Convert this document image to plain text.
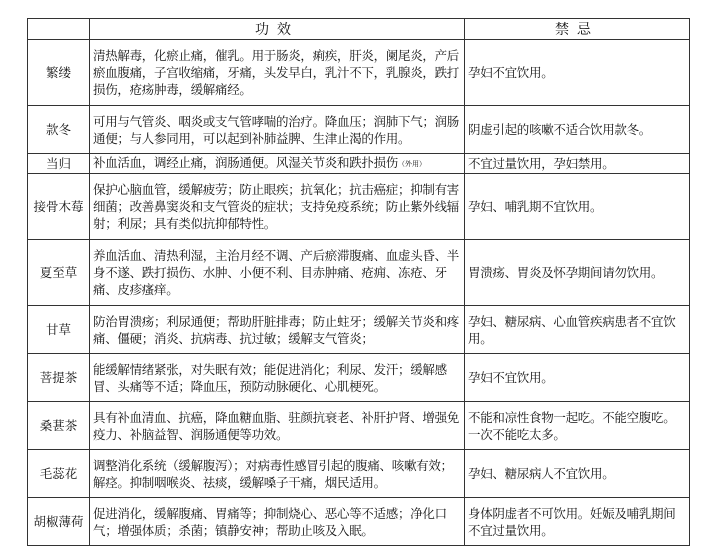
	功效	禁忌
繁缕	清热解毒，化瘀止痛，催乳。用于肠炎，痢疾，肝炎，阑尾炎，产后瘀血腹痛，子宫收缩痛，牙痛，头发早白，乳汁不下，乳腺炎，跌打损伤，疮疡肿毒，缓解痛经。	孕妇不宜饮用。
款冬	可用与气管炎、咽炎或支气管哮喘的治疗。降血压；润肺下气；润肠通便；与人参同用，可以起到补肺益脾、生津止渴的作用。	阴虚引起的咳嗽不适合饮用款冬。
当归	补血活血，调经止痛，润肠通便。风湿关节炎和跌扑损伤（外用）	不宜过量饮用，孕妇禁用。
接骨木莓	保护心脑血管，缓解疲劳；防止眼疾；抗氧化；抗击癌症；抑制有害细菌；改善鼻窦炎和支气管炎的症状；支持免疫系统；防止紫外线辐射；利尿；具有类似抗抑郁特性。	孕妇、哺乳期不宜饮用。
夏至草	养血活血、清热利湿，主治月经不调、产后瘀滞腹痛、血虚头昏、半身不遂、跌打损伤、水肿、小便不利、目赤肿痛、疮痈、冻疮、牙痛、皮疹瘙痒。	胃溃疡、胃炎及怀孕期间请勿饮用。
甘草	防治胃溃疡；利尿通便；帮助肝脏排毒；防止蛀牙；缓解关节炎和疼痛、僵硬；消炎、抗病毒、抗过敏；缓解支气管炎；	孕妇、糖尿病、心血管疾病患者不宜饮用。
菩提茶	能缓解情绪紧张，对失眠有效；能促进消化；利尿、发汗；缓解感冒、头痛等不适；降血压，预防动脉硬化、心肌梗死。	孕妇不宜饮用。
桑葚茶	具有补血清血、抗癌，降血糖血脂、驻颜抗衰老、补肝护肾、增强免疫力、补脑益智、润肠通便等功效。	不能和凉性食物一起吃。不能空腹吃。一次不能吃太多。
毛蕊花	调整消化系统（缓解腹泻）；对病毒性感冒引起的腹痛、咳嗽有效；解痉。抑制咽喉炎、祛痰，缓解嗓子干痛，烟民适用。	孕妇、糖尿病人不宜饮用。
胡椒薄荷	促进消化，缓解腹痛、胃痛等；抑制烧心、恶心等不适感；净化口气；增强体质；杀菌；镇静安神；帮助止咳及入眠。	身体阴虚者不可饮用。妊娠及哺乳期间不宜过量饮用。
